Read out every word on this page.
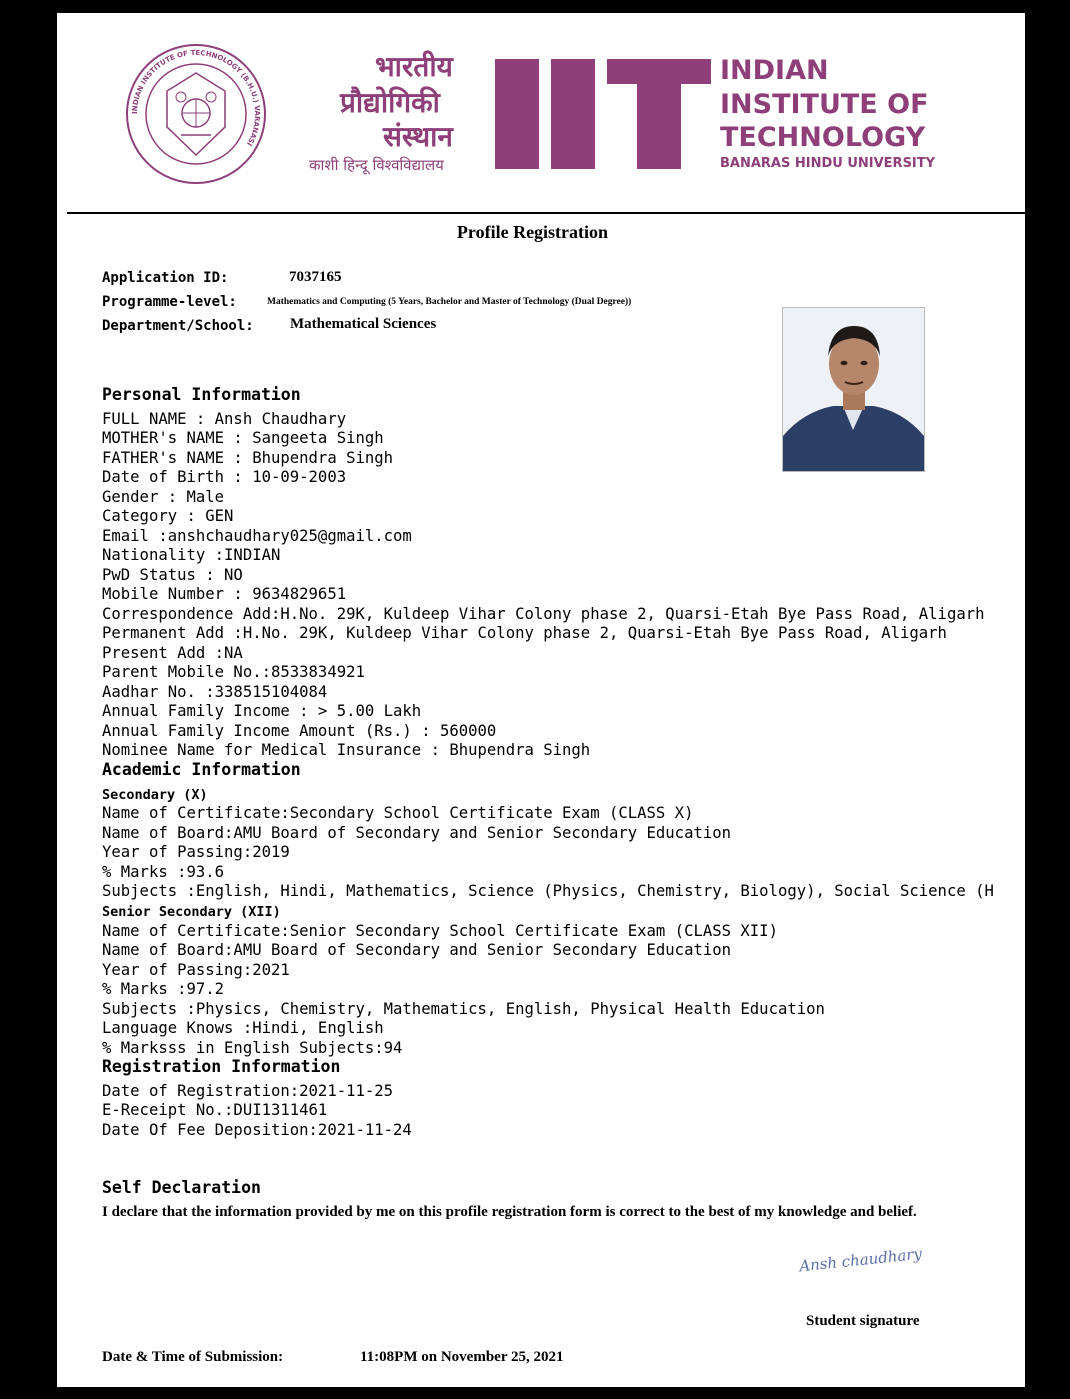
INDIAN INSTITUTE OF TECHNOLOGY (B.H.U.) VARANASI
भारतीय
प्रौद्योगिकी
संस्थान
काशी हिन्दू विश्वविद्यालय
INDIAN
INSTITUTE OF
TECHNOLOGY
BANARAS HINDU UNIVERSITY
Profile Registration
Application ID:	7037165
Programme-level:	Mathematics and Computing (5 Years, Bachelor and Master of Technology (Dual Degree))
Department/School: Mathematical Sciences
Personal Information
FULL NAME : Ansh Chaudhary
MOTHER's NAME : Sangeeta Singh
FATHER's NAME : Bhupendra Singh
Date of Birth : 10-09-2003
Gender : Male
Category : GEN
Email :anshchaudhary025@gmail.com
Nationality :INDIAN
PwD Status : NO
Mobile Number : 9634829651
Correspondence Add:H.No. 29K, Kuldeep Vihar Colony phase 2, Quarsi-Etah Bye Pass Road, Aligarh
Permanent Add :H.No. 29K, Kuldeep Vihar Colony phase 2, Quarsi-Etah Bye Pass Road, Aligarh
Present Add :NA
Parent Mobile No.:8533834921
Aadhar No. :338515104084
Annual Family Income : > 5.00 Lakh
Annual Family Income Amount (Rs.) : 560000
Nominee Name for Medical Insurance : Bhupendra Singh
Academic Information
Secondary (X)
Name of Certificate:Secondary School Certificate Exam (CLASS X)
Name of Board:AMU Board of Secondary and Senior Secondary Education
Year of Passing:2019
% Marks :93.6
Subjects :English, Hindi, Mathematics, Science (Physics, Chemistry, Biology), Social Science (H
Senior Secondary (XII)
Name of Certificate:Senior Secondary School Certificate Exam (CLASS XII)
Name of Board:AMU Board of Secondary and Senior Secondary Education
Year of Passing:2021
% Marks :97.2
Subjects :Physics, Chemistry, Mathematics, English, Physical Health Education
Language Knows :Hindi, English
% Marksss in English Subjects:94
Registration Information
Date of Registration:2021-11-25
E-Receipt No.:DUI1311461
Date Of Fee Deposition:2021-11-24
Self Declaration
I declare that the information provided by me on this profile registration form is correct to the best of my knowledge and belief.
Ansh chaudhary
Student signature
Date & Time of Submission:	11:08PM on November 25, 2021
